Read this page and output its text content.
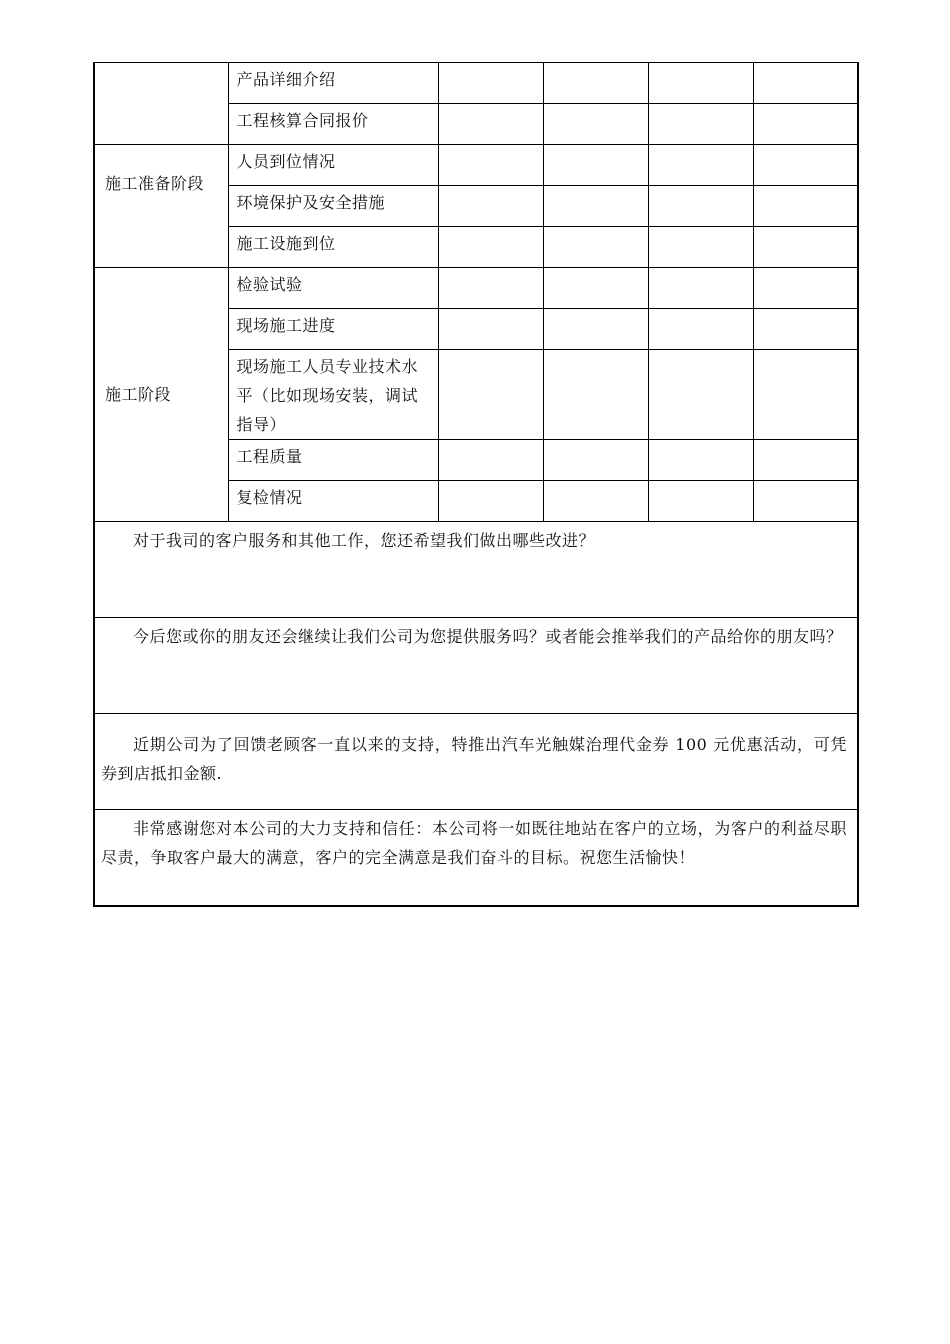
	产品详细介绍				
	工程核算合同报价				
施工准备阶段	人员到位情况				
	环境保护及安全措施				
	施工设施到位				
施工阶段	检验试验				
	现场施工进度				
	现场施工人员专业技术水平（比如现场安装，调试指导）				
	工程质量				
	复检情况				
对于我司的客户服务和其他工作，您还希望我们做出哪些改进？					
今后您或你的朋友还会继续让我们公司为您提供服务吗？或者能会推举我们的产品给你的朋友吗？					
近期公司为了回馈老顾客一直以来的支持，特推出汽车光触媒治理代金券 100 元优惠活动，可凭券到店抵扣金额.					
非常感谢您对本公司的大力支持和信任：本公司将一如既往地站在客户的立场，为客户的利益尽职尽责，争取客户最大的满意，客户的完全满意是我们奋斗的目标。祝您生活愉快！					
